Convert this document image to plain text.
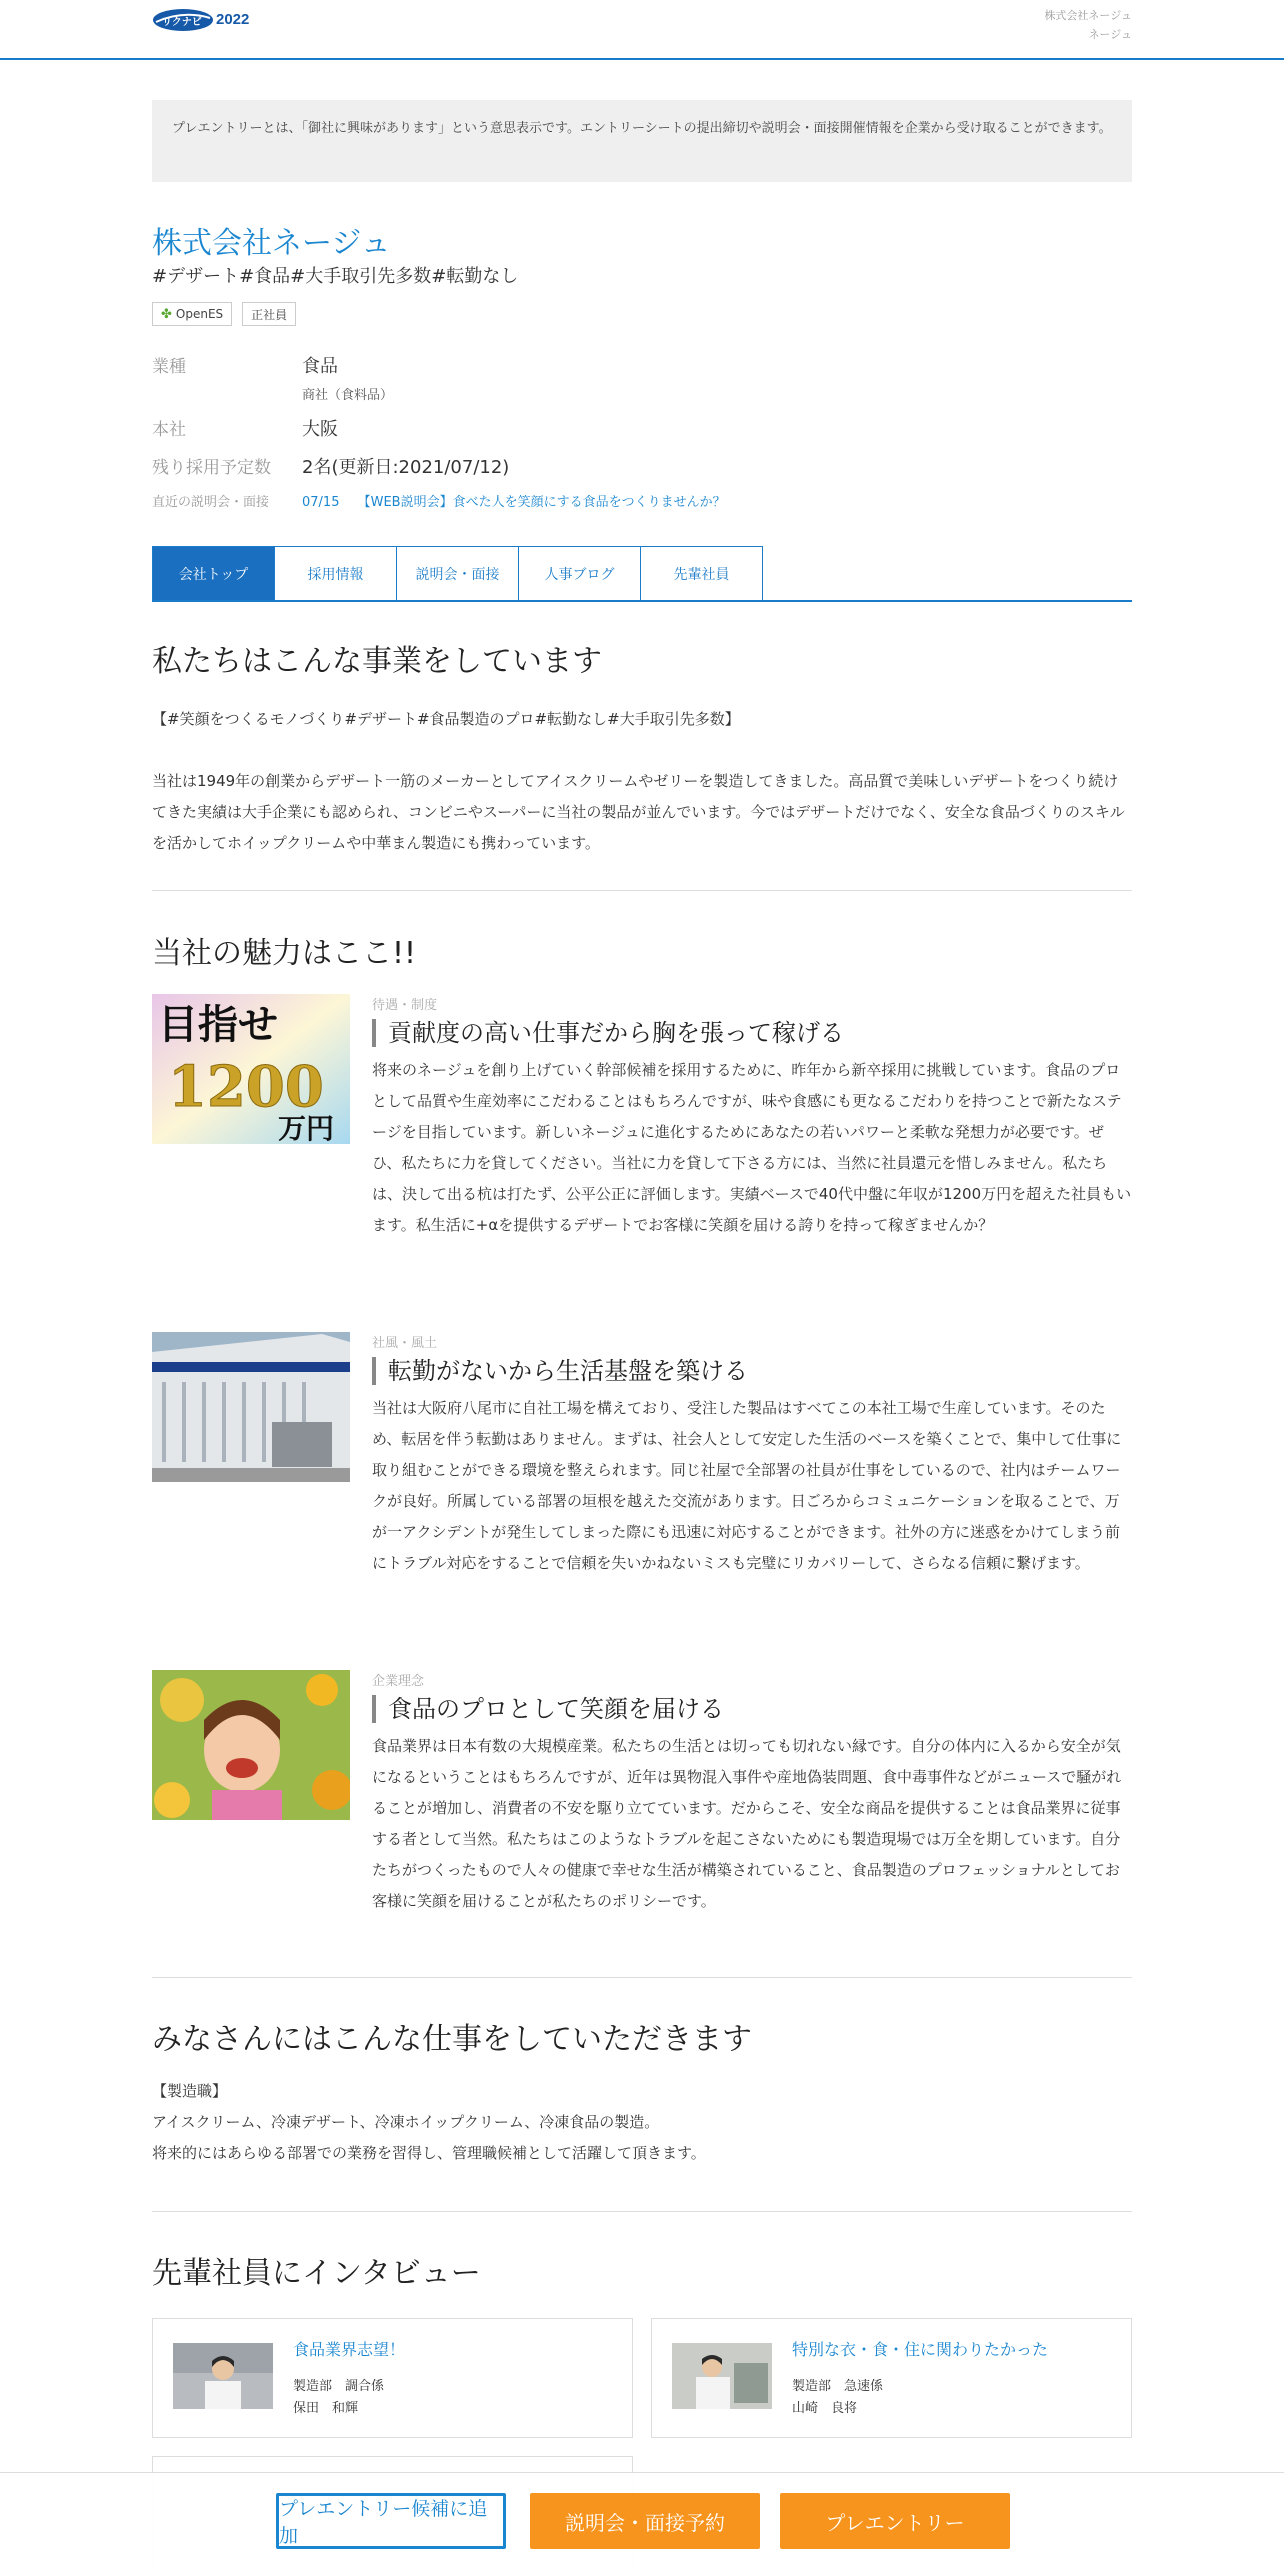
リクナビ 2022	株式会社ネージュ
ネージュ
プレエントリーとは、「御社に興味があります」という意思表示です。エントリーシートの提出締切や説明会・面接開催情報を企業から受け取ることができます。
株式会社ネージュ
#デザート#食品#大手取引先多数#転勤なし
✤ OpenES 正社員
業種	食品
商社（食料品）
本社	大阪
残り採用予定数	2名(更新日:2021/07/12)
直近の説明会・面接	07/15 【WEB説明会】食べた人を笑顔にする食品をつくりませんか？
会社トップ	採用情報	説明会・面接	人事ブログ	先輩社員
私たちはこんな事業をしています
【#笑顔をつくるモノづくり#デザート#食品製造のプロ#転勤なし#大手取引先多数】
当社は1949年の創業からデザート一筋のメーカーとしてアイスクリームやゼリーを製造してきました。高品質で美味しいデザートをつくり続けてきた実績は大手企業にも認められ、コンビニやスーパーに当社の製品が並んでいます。今ではデザートだけでなく、安全な食品づくりのスキルを活かしてホイップクリームや中華まん製造にも携わっています。
当社の魅力はここ!!
目指せ
1200
万円
待遇・制度
貢献度の高い仕事だから胸を張って稼げる
将来のネージュを創り上げていく幹部候補を採用するために、昨年から新卒採用に挑戦しています。食品のプロとして品質や生産効率にこだわることはもちろんですが、味や食感にも更なるこだわりを持つことで新たなステージを目指しています。新しいネージュに進化するためにあなたの若いパワーと柔軟な発想力が必要です。ぜひ、私たちに力を貸してください。当社に力を貸して下さる方には、当然に社員還元を惜しみません。私たちは、決して出る杭は打たず、公平公正に評価します。実績ベースで40代中盤に年収が1200万円を超えた社員もいます。私生活に+αを提供するデザートでお客様に笑顔を届ける誇りを持って稼ぎませんか？
社風・風土
転勤がないから生活基盤を築ける
当社は大阪府八尾市に自社工場を構えており、受注した製品はすべてこの本社工場で生産しています。そのため、転居を伴う転勤はありません。まずは、社会人として安定した生活のベースを築くことで、集中して仕事に取り組むことができる環境を整えられます。同じ社屋で全部署の社員が仕事をしているので、社内はチームワークが良好。所属している部署の垣根を越えた交流があります。日ごろからコミュニケーションを取ることで、万が一アクシデントが発生してしまった際にも迅速に対応することができます。社外の方に迷惑をかけてしまう前にトラブル対応をすることで信頼を失いかねないミスも完璧にリカバリーして、さらなる信頼に繋げます。
企業理念
食品のプロとして笑顔を届ける
食品業界は日本有数の大規模産業。私たちの生活とは切っても切れない縁です。自分の体内に入るから安全が気になるということはもちろんですが、近年は異物混入事件や産地偽装問題、食中毒事件などがニュースで騒がれることが増加し、消費者の不安を駆り立てています。だからこそ、安全な商品を提供することは食品業界に従事する者として当然。私たちはこのようなトラブルを起こさないためにも製造現場では万全を期しています。自分たちがつくったもので人々の健康で幸せな生活が構築されていること、食品製造のプロフェッショナルとしてお客様に笑顔を届けることが私たちのポリシーです。
みなさんにはこんな仕事をしていただきます
【製造職】
アイスクリーム、冷凍デザート、冷凍ホイップクリーム、冷凍食品の製造。
将来的にはあらゆる部署での業務を習得し、管理職候補として活躍して頂きます。
先輩社員にインタビュー
食品業界志望！
製造部　調合係
保田　和輝
特別な衣・食・住に関わりたかった
製造部　急速係
山崎　良将
プレエントリー候補に追加
説明会・面接予約	プレエントリー
